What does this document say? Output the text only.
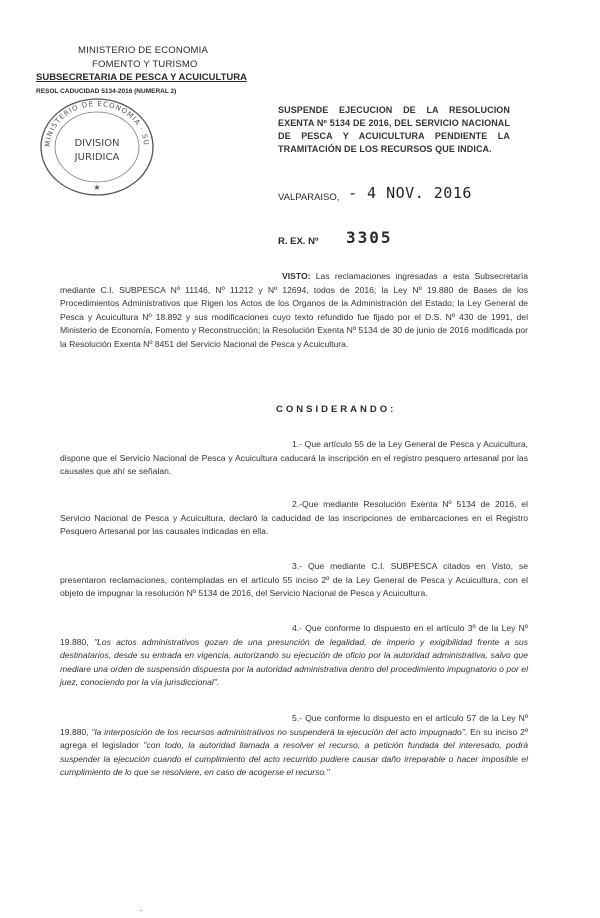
MINISTERIO DE ECONOMIA
FOMENTO Y TURISMO
SUBSECRETARIA DE PESCA Y ACUICULTURA
RESOL CADUCIDAD 5134-2016 (NUMERAL 2)
MINISTERIO DE ECONOMIA · SU
DIVISION
JURIDICA
★
SUSPENDE EJECUCION DE LA RESOLUCION EXENTA Nº 5134 DE 2016, DEL SERVICIO NACIONAL DE PESCA Y ACUICULTURA PENDIENTE LA TRAMITACIÓN DE LOS RECURSOS QUE INDICA.
VALPARAISO, - 4 NOV. 2016
R. EX. Nº 3305
VISTO: Las reclamaciones ingresadas a esta Subsecretaría mediante C.I. SUBPESCA Nº 11146, Nº 11212 y Nº 12694, todos de 2016; la Ley Nº 19.880 de Bases de los Procedimientos Administrativos que Rigen los Actos de los Organos de la Administración del Estado; la Ley General de Pesca y Acuicultura Nº 18.892 y sus modificaciones cuyo texto refundido fue fijado por el D.S. Nº 430 de 1991, del Ministerio de Economía, Fomento y Reconstrucción; la Resolución Exenta Nº 5134 de 30 de junio de 2016 modificada por la Resolución Exenta Nº 8451 del Servicio Nacional de Pesca y Acuicultura.
CONSIDERANDO:
1.- Que artículo 55 de la Ley General de Pesca y Acuicultura, dispone que el Servicio Nacional de Pesca y Acuicultura caducará la inscripción en el registro pesquero artesanal por las causales que ahí se señalan.
2.-Que mediante Resolución Exenta Nº 5134 de 2016, el Servicio Nacional de Pesca y Acuicultura, declaró la caducidad de las inscripciones de embarcaciones en el Registro Pesquero Artesanal por las causales indicadas en ella.
3.- Que mediante C.I. SUBPESCA citados en Visto, se presentaron reclamaciones, contempladas en el artículo 55 inciso 2º de la Ley General de Pesca y Acuicultura, con el objeto de impugnar la resolución Nº 5134 de 2016, del Servicio Nacional de Pesca y Acuicultura.
4.- Que conforme lo dispuesto en el artículo 3º de la Ley Nº 19.880, "Los actos administrativos gozan de una presunción de legalidad, de imperio y exigibilidad frente a sus destinatarios, desde su entrada en vigencia, autorizando su ejecución de oficio por la autoridad administrativa, salvo que mediare una orden de suspensión dispuesta por la autoridad administrativa dentro del procedimiento impugnatorio o por el juez, conociendo por la vía jurisdiccional".
5.- Que conforme lo dispuesto en el artículo 57 de la Ley Nº 19.880, "la interposición de los recursos administrativos no suspenderá la ejecución del acto impugnado". En su inciso 2º agrega el legislador "con todo, la autoridad llamada a resolver el recurso, a petición fundada del interesado, podrá suspender la ejecución cuando el cumplimiento del acto recurrido pudiere causar daño irreparable o hacer imposible el cumplimiento de lo que se resolviere, en caso de acogerse el recurso."
-
